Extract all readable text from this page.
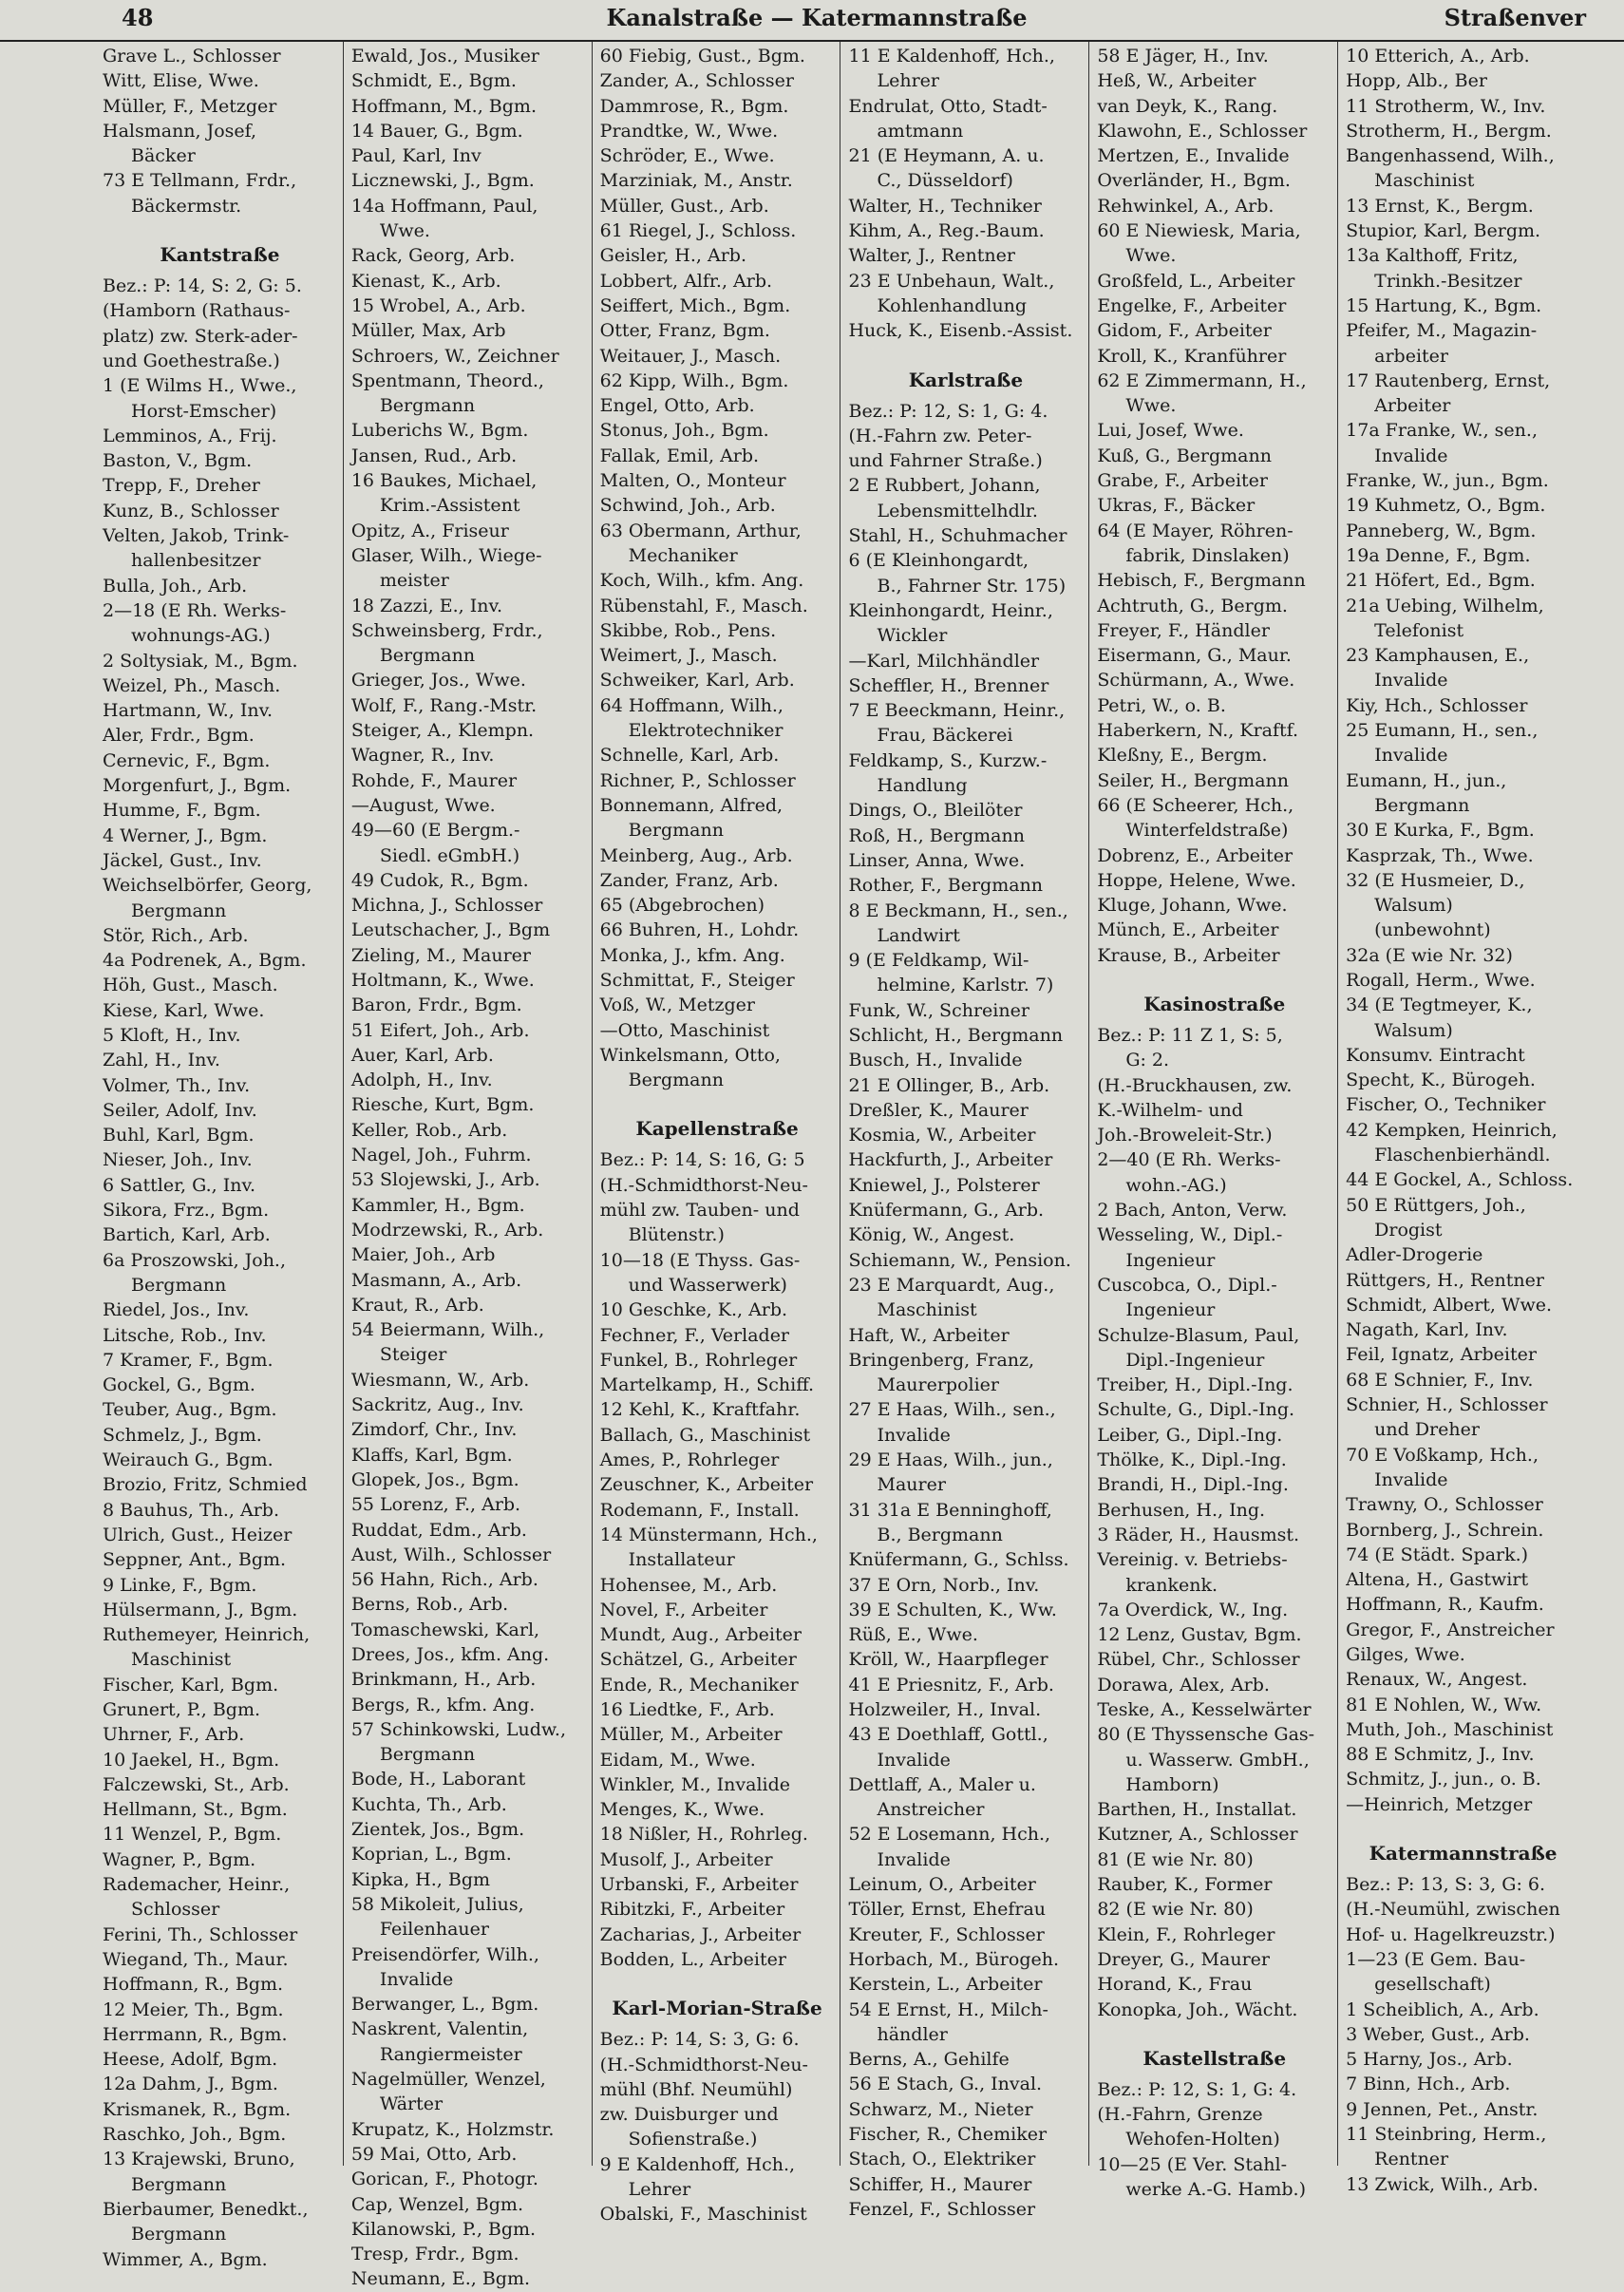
48	Kanalstraße — Katermannstraße	Straßenver
Grave L., Schlosser
Witt, Elise, Wwe.
Müller, F., Metzger
Halsmann, Josef,
Bäcker
73 E Tellmann, Frdr.,
Bäckermstr.
Kantstraße
Bez.: P: 14, S: 2, G: 5.
(Hamborn (Rathaus-
platz) zw. Sterk-ader-
und Goethestraße.)
1 (E Wilms H., Wwe.,
Horst-Emscher)
Lemminos, A., Frij.
Baston, V., Bgm.
Trepp, F., Dreher
Kunz, B., Schlosser
Velten, Jakob, Trink-
hallenbesitzer
Bulla, Joh., Arb.
2—18 (E Rh. Werks-
wohnungs-AG.)
2 Soltysiak, M., Bgm.
Weizel, Ph., Masch.
Hartmann, W., Inv.
Aler, Frdr., Bgm.
Cernevic, F., Bgm.
Morgenfurt, J., Bgm.
Humme, F., Bgm.
4 Werner, J., Bgm.
Jäckel, Gust., Inv.
Weichselbörfer, Georg,
Bergmann
Stör, Rich., Arb.
4a Podrenek, A., Bgm.
Höh, Gust., Masch.
Kiese, Karl, Wwe.
5 Kloft, H., Inv.
Zahl, H., Inv.
Volmer, Th., Inv.
Seiler, Adolf, Inv.
Buhl, Karl, Bgm.
Nieser, Joh., Inv.
6 Sattler, G., Inv.
Sikora, Frz., Bgm.
Bartich, Karl, Arb.
6a Proszowski, Joh.,
Bergmann
Riedel, Jos., Inv.
Litsche, Rob., Inv.
7 Kramer, F., Bgm.
Gockel, G., Bgm.
Teuber, Aug., Bgm.
Schmelz, J., Bgm.
Weirauch G., Bgm.
Brozio, Fritz, Schmied
8 Bauhus, Th., Arb.
Ulrich, Gust., Heizer
Seppner, Ant., Bgm.
9 Linke, F., Bgm.
Hülsermann, J., Bgm.
Ruthemeyer, Heinrich,
Maschinist
Fischer, Karl, Bgm.
Grunert, P., Bgm.
Uhrner, F., Arb.
10 Jaekel, H., Bgm.
Falczewski, St., Arb.
Hellmann, St., Bgm.
11 Wenzel, P., Bgm.
Wagner, P., Bgm.
Rademacher, Heinr.,
Schlosser
Ferini, Th., Schlosser
Wiegand, Th., Maur.
Hoffmann, R., Bgm.
12 Meier, Th., Bgm.
Herrmann, R., Bgm.
Heese, Adolf, Bgm.
12a Dahm, J., Bgm.
Krismanek, R., Bgm.
Raschko, Joh., Bgm.
13 Krajewski, Bruno,
Bergmann
Bierbaumer, Benedkt.,
Bergmann
Wimmer, A., Bgm.
Ewald, Jos., Musiker
Schmidt, E., Bgm.
Hoffmann, M., Bgm.
14 Bauer, G., Bgm.
Paul, Karl, Inv
Licznewski, J., Bgm.
14a Hoffmann, Paul,
Wwe.
Rack, Georg, Arb.
Kienast, K., Arb.
15 Wrobel, A., Arb.
Müller, Max, Arb
Schroers, W., Zeichner
Spentmann, Theord.,
Bergmann
Luberichs W., Bgm.
Jansen, Rud., Arb.
16 Baukes, Michael,
Krim.-Assistent
Opitz, A., Friseur
Glaser, Wilh., Wiege-
meister
18 Zazzi, E., Inv.
Schweinsberg, Frdr.,
Bergmann
Grieger, Jos., Wwe.
Wolf, F., Rang.-Mstr.
Steiger, A., Klempn.
Wagner, R., Inv.
Rohde, F., Maurer
—August, Wwe.
49—60 (E Bergm.-
Siedl. eGmbH.)
49 Cudok, R., Bgm.
Michna, J., Schlosser
Leutschacher, J., Bgm
Zieling, M., Maurer
Holtmann, K., Wwe.
Baron, Frdr., Bgm.
51 Eifert, Joh., Arb.
Auer, Karl, Arb.
Adolph, H., Inv.
Riesche, Kurt, Bgm.
Keller, Rob., Arb.
Nagel, Joh., Fuhrm.
53 Slojewski, J., Arb.
Kammler, H., Bgm.
Modrzewski, R., Arb.
Maier, Joh., Arb
Masmann, A., Arb.
Kraut, R., Arb.
54 Beiermann, Wilh.,
Steiger
Wiesmann, W., Arb.
Sackritz, Aug., Inv.
Zimdorf, Chr., Inv.
Klaffs, Karl, Bgm.
Glopek, Jos., Bgm.
55 Lorenz, F., Arb.
Ruddat, Edm., Arb.
Aust, Wilh., Schlosser
56 Hahn, Rich., Arb.
Berns, Rob., Arb.
Tomaschewski, Karl,
Drees, Jos., kfm. Ang.
Brinkmann, H., Arb.
Bergs, R., kfm. Ang.
57 Schinkowski, Ludw.,
Bergmann
Bode, H., Laborant
Kuchta, Th., Arb.
Zientek, Jos., Bgm.
Koprian, L., Bgm.
Kipka, H., Bgm
58 Mikoleit, Julius,
Feilenhauer
Preisendörfer, Wilh.,
Invalide
Berwanger, L., Bgm.
Naskrent, Valentin,
Rangiermeister
Nagelmüller, Wenzel,
Wärter
Krupatz, K., Holzmstr.
59 Mai, Otto, Arb.
Gorican, F., Photogr.
Cap, Wenzel, Bgm.
Kilanowski, P., Bgm.
Tresp, Frdr., Bgm.
Neumann, E., Bgm.
60 Fiebig, Gust., Bgm.
Zander, A., Schlosser
Dammrose, R., Bgm.
Prandtke, W., Wwe.
Schröder, E., Wwe.
Marziniak, M., Anstr.
Müller, Gust., Arb.
61 Riegel, J., Schloss.
Geisler, H., Arb.
Lobbert, Alfr., Arb.
Seiffert, Mich., Bgm.
Otter, Franz, Bgm.
Weitauer, J., Masch.
62 Kipp, Wilh., Bgm.
Engel, Otto, Arb.
Stonus, Joh., Bgm.
Fallak, Emil, Arb.
Malten, O., Monteur
Schwind, Joh., Arb.
63 Obermann, Arthur,
Mechaniker
Koch, Wilh., kfm. Ang.
Rübenstahl, F., Masch.
Skibbe, Rob., Pens.
Weimert, J., Masch.
Schweiker, Karl, Arb.
64 Hoffmann, Wilh.,
Elektrotechniker
Schnelle, Karl, Arb.
Richner, P., Schlosser
Bonnemann, Alfred,
Bergmann
Meinberg, Aug., Arb.
Zander, Franz, Arb.
65 (Abgebrochen)
66 Buhren, H., Lohdr.
Monka, J., kfm. Ang.
Schmittat, F., Steiger
Voß, W., Metzger
—Otto, Maschinist
Winkelsmann, Otto,
Bergmann
Kapellenstraße
Bez.: P: 14, S: 16, G: 5
(H.-Schmidthorst-Neu-
mühl zw. Tauben- und
Blütenstr.)
10—18 (E Thyss. Gas-
und Wasserwerk)
10 Geschke, K., Arb.
Fechner, F., Verlader
Funkel, B., Rohrleger
Martelkamp, H., Schiff.
12 Kehl, K., Kraftfahr.
Ballach, G., Maschinist
Ames, P., Rohrleger
Zeuschner, K., Arbeiter
Rodemann, F., Install.
14 Münstermann, Hch.,
Installateur
Hohensee, M., Arb.
Novel, F., Arbeiter
Mundt, Aug., Arbeiter
Schätzel, G., Arbeiter
Ende, R., Mechaniker
16 Liedtke, F., Arb.
Müller, M., Arbeiter
Eidam, M., Wwe.
Winkler, M., Invalide
Menges, K., Wwe.
18 Nißler, H., Rohrleg.
Musolf, J., Arbeiter
Urbanski, F., Arbeiter
Ribitzki, F., Arbeiter
Zacharias, J., Arbeiter
Bodden, L., Arbeiter
Karl-Morian-Straße
Bez.: P: 14, S: 3, G: 6.
(H.-Schmidthorst-Neu-
mühl (Bhf. Neumühl)
zw. Duisburger und
Sofienstraße.)
9 E Kaldenhoff, Hch.,
Lehrer
Obalski, F., Maschinist
11 E Kaldenhoff, Hch.,
Lehrer
Endrulat, Otto, Stadt-
amtmann
21 (E Heymann, A. u.
C., Düsseldorf)
Walter, H., Techniker
Kihm, A., Reg.-Baum.
Walter, J., Rentner
23 E Unbehaun, Walt.,
Kohlenhandlung
Huck, K., Eisenb.-Assist.
Karlstraße
Bez.: P: 12, S: 1, G: 4.
(H.-Fahrn zw. Peter-
und Fahrner Straße.)
2 E Rubbert, Johann,
Lebensmittelhdlr.
Stahl, H., Schuhmacher
6 (E Kleinhongardt,
B., Fahrner Str. 175)
Kleinhongardt, Heinr.,
Wickler
—Karl, Milchhändler
Scheffler, H., Brenner
7 E Beeckmann, Heinr.,
Frau, Bäckerei
Feldkamp, S., Kurzw.-
Handlung
Dings, O., Bleilöter
Roß, H., Bergmann
Linser, Anna, Wwe.
Rother, F., Bergmann
8 E Beckmann, H., sen.,
Landwirt
9 (E Feldkamp, Wil-
helmine, Karlstr. 7)
Funk, W., Schreiner
Schlicht, H., Bergmann
Busch, H., Invalide
21 E Ollinger, B., Arb.
Dreßler, K., Maurer
Kosmia, W., Arbeiter
Hackfurth, J., Arbeiter
Kniewel, J., Polsterer
Knüfermann, G., Arb.
König, W., Angest.
Schiemann, W., Pension.
23 E Marquardt, Aug.,
Maschinist
Haft, W., Arbeiter
Bringenberg, Franz,
Maurerpolier
27 E Haas, Wilh., sen.,
Invalide
29 E Haas, Wilh., jun.,
Maurer
31 31a E Benninghoff,
B., Bergmann
Knüfermann, G., Schlss.
37 E Orn, Norb., Inv.
39 E Schulten, K., Ww.
Rüß, E., Wwe.
Kröll, W., Haarpfleger
41 E Priesnitz, F., Arb.
Holzweiler, H., Inval.
43 E Doethlaff, Gottl.,
Invalide
Dettlaff, A., Maler u.
Anstreicher
52 E Losemann, Hch.,
Invalide
Leinum, O., Arbeiter
Töller, Ernst, Ehefrau
Kreuter, F., Schlosser
Horbach, M., Bürogeh.
Kerstein, L., Arbeiter
54 E Ernst, H., Milch-
händler
Berns, A., Gehilfe
56 E Stach, G., Inval.
Schwarz, M., Nieter
Fischer, R., Chemiker
Stach, O., Elektriker
Schiffer, H., Maurer
Fenzel, F., Schlosser
58 E Jäger, H., Inv.
Heß, W., Arbeiter
van Deyk, K., Rang.
Klawohn, E., Schlosser
Mertzen, E., Invalide
Overländer, H., Bgm.
Rehwinkel, A., Arb.
60 E Niewiesk, Maria,
Wwe.
Großfeld, L., Arbeiter
Engelke, F., Arbeiter
Gidom, F., Arbeiter
Kroll, K., Kranführer
62 E Zimmermann, H.,
Wwe.
Lui, Josef, Wwe.
Kuß, G., Bergmann
Grabe, F., Arbeiter
Ukras, F., Bäcker
64 (E Mayer, Röhren-
fabrik, Dinslaken)
Hebisch, F., Bergmann
Achtruth, G., Bergm.
Freyer, F., Händler
Eisermann, G., Maur.
Schürmann, A., Wwe.
Petri, W., o. B.
Haberkern, N., Kraftf.
Kleßny, E., Bergm.
Seiler, H., Bergmann
66 (E Scheerer, Hch.,
Winterfeldstraße)
Dobrenz, E., Arbeiter
Hoppe, Helene, Wwe.
Kluge, Johann, Wwe.
Münch, E., Arbeiter
Krause, B., Arbeiter
Kasinostraße
Bez.: P: 11 Z 1, S: 5,
G: 2.
(H.-Bruckhausen, zw.
K.-Wilhelm- und
Joh.-Broweleit-Str.)
2—40 (E Rh. Werks-
wohn.-AG.)
2 Bach, Anton, Verw.
Wesseling, W., Dipl.-
Ingenieur
Cuscobca, O., Dipl.-
Ingenieur
Schulze-Blasum, Paul,
Dipl.-Ingenieur
Treiber, H., Dipl.-Ing.
Schulte, G., Dipl.-Ing.
Leiber, G., Dipl.-Ing.
Thölke, K., Dipl.-Ing.
Brandi, H., Dipl.-Ing.
Berhusen, H., Ing.
3 Räder, H., Hausmst.
Vereinig. v. Betriebs-
krankenk.
7a Overdick, W., Ing.
12 Lenz, Gustav, Bgm.
Rübel, Chr., Schlosser
Dorawa, Alex, Arb.
Teske, A., Kesselwärter
80 (E Thyssensche Gas-
u. Wasserw. GmbH.,
Hamborn)
Barthen, H., Installat.
Kutzner, A., Schlosser
81 (E wie Nr. 80)
Rauber, K., Former
82 (E wie Nr. 80)
Klein, F., Rohrleger
Dreyer, G., Maurer
Horand, K., Frau
Konopka, Joh., Wächt.
Kastellstraße
Bez.: P: 12, S: 1, G: 4.
(H.-Fahrn, Grenze
Wehofen-Holten)
10—25 (E Ver. Stahl-
werke A.-G. Hamb.)
10 Etterich, A., Arb.
Hopp, Alb., Ber
11 Strotherm, W., Inv.
Strotherm, H., Bergm.
Bangenhassend, Wilh.,
Maschinist
13 Ernst, K., Bergm.
Stupior, Karl, Bergm.
13a Kalthoff, Fritz,
Trinkh.-Besitzer
15 Hartung, K., Bgm.
Pfeifer, M., Magazin-
arbeiter
17 Rautenberg, Ernst,
Arbeiter
17a Franke, W., sen.,
Invalide
Franke, W., jun., Bgm.
19 Kuhmetz, O., Bgm.
Panneberg, W., Bgm.
19a Denne, F., Bgm.
21 Höfert, Ed., Bgm.
21a Uebing, Wilhelm,
Telefonist
23 Kamphausen, E.,
Invalide
Kiy, Hch., Schlosser
25 Eumann, H., sen.,
Invalide
Eumann, H., jun.,
Bergmann
30 E Kurka, F., Bgm.
Kasprzak, Th., Wwe.
32 (E Husmeier, D.,
Walsum)
(unbewohnt)
32a (E wie Nr. 32)
Rogall, Herm., Wwe.
34 (E Tegtmeyer, K.,
Walsum)
Konsumv. Eintracht
Specht, K., Bürogeh.
Fischer, O., Techniker
42 Kempken, Heinrich,
Flaschenbierhändl.
44 E Gockel, A., Schloss.
50 E Rüttgers, Joh.,
Drogist
Adler-Drogerie
Rüttgers, H., Rentner
Schmidt, Albert, Wwe.
Nagath, Karl, Inv.
Feil, Ignatz, Arbeiter
68 E Schnier, F., Inv.
Schnier, H., Schlosser
und Dreher
70 E Voßkamp, Hch.,
Invalide
Trawny, O., Schlosser
Bornberg, J., Schrein.
74 (E Städt. Spark.)
Altena, H., Gastwirt
Hoffmann, R., Kaufm.
Gregor, F., Anstreicher
Gilges, Wwe.
Renaux, W., Angest.
81 E Nohlen, W., Ww.
Muth, Joh., Maschinist
88 E Schmitz, J., Inv.
Schmitz, J., jun., o. B.
—Heinrich, Metzger
Katermannstraße
Bez.: P: 13, S: 3, G: 6.
(H.-Neumühl, zwischen
Hof- u. Hagelkreuzstr.)
1—23 (E Gem. Bau-
gesellschaft)
1 Scheiblich, A., Arb.
3 Weber, Gust., Arb.
5 Harny, Jos., Arb.
7 Binn, Hch., Arb.
9 Jennen, Pet., Anstr.
11 Steinbring, Herm.,
Rentner
13 Zwick, Wilh., Arb.
